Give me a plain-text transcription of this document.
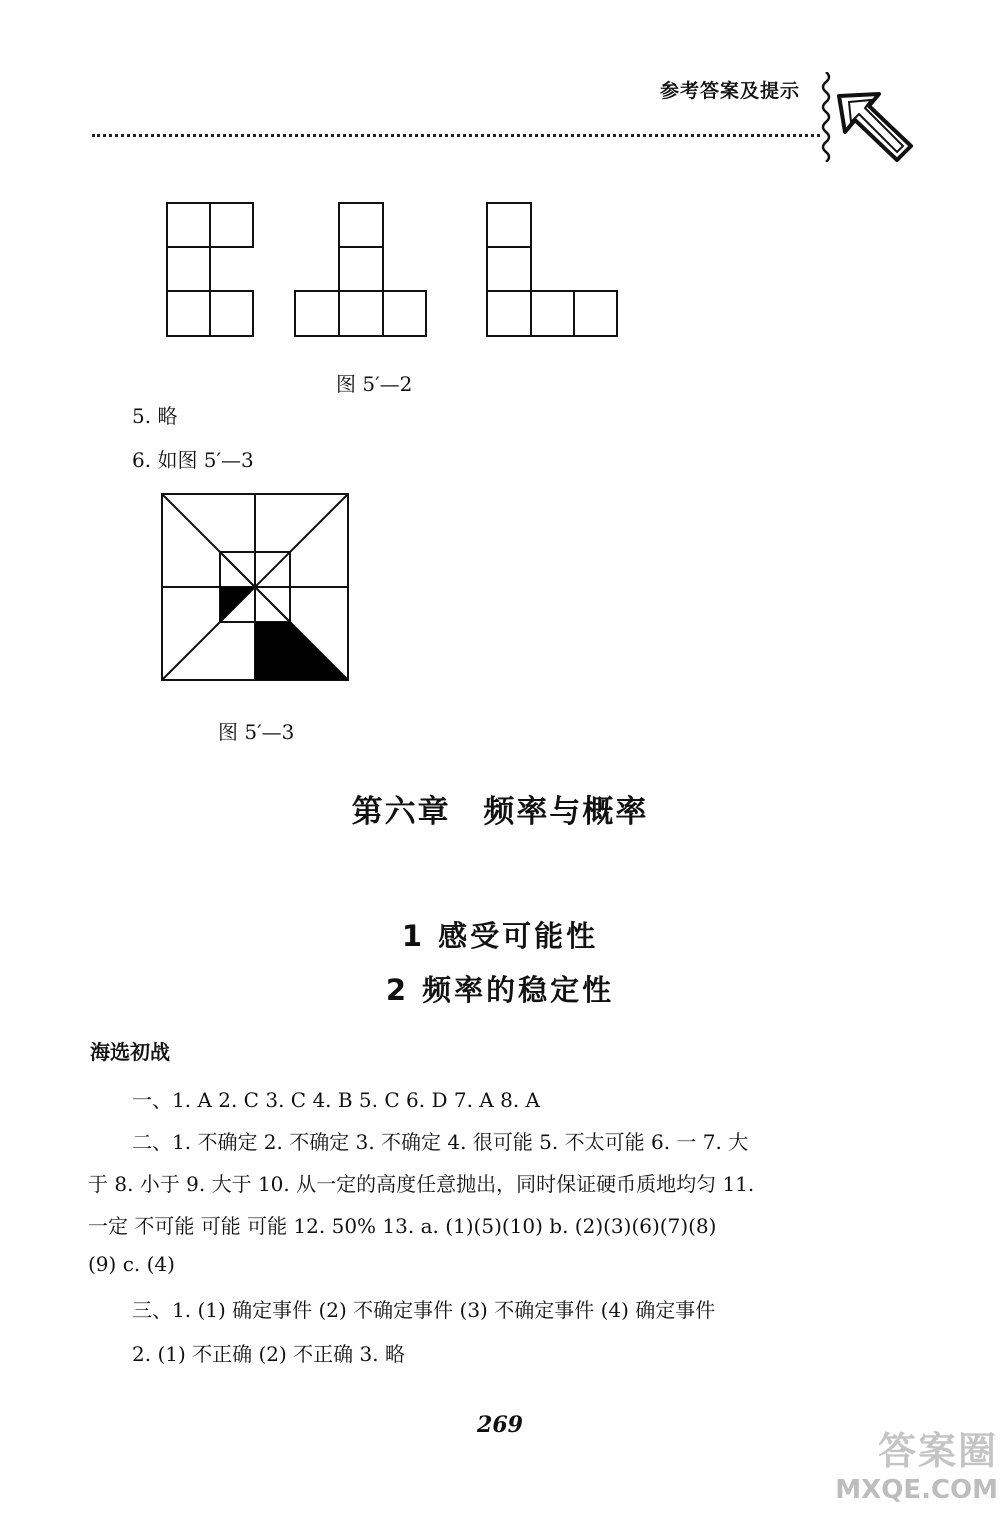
参考答案及提示
图 5′—2
5. 略
6. 如图 5′—3
图 5′—3
第六章 频率与概率
1 感受可能性
2 频率的稳定性
海选初战
一、1. A 2. C 3. C 4. B 5. C 6. D 7. A 8. A
二、1. 不确定 2. 不确定 3. 不确定 4. 很可能 5. 不太可能 6. 一 7. 大
于 8. 小于 9. 大于 10. 从一定的高度任意抛出，同时保证硬币质地均匀 11.
一定 不可能 可能 可能 12. 50% 13. a. (1)(5)(10) b. (2)(3)(6)(7)(8)
(9) c. (4)
三、1. (1) 确定事件 (2) 不确定事件 (3) 不确定事件 (4) 确定事件
2. (1) 不正确 (2) 不正确 3. 略
269
答案圈
MXQE.COM
